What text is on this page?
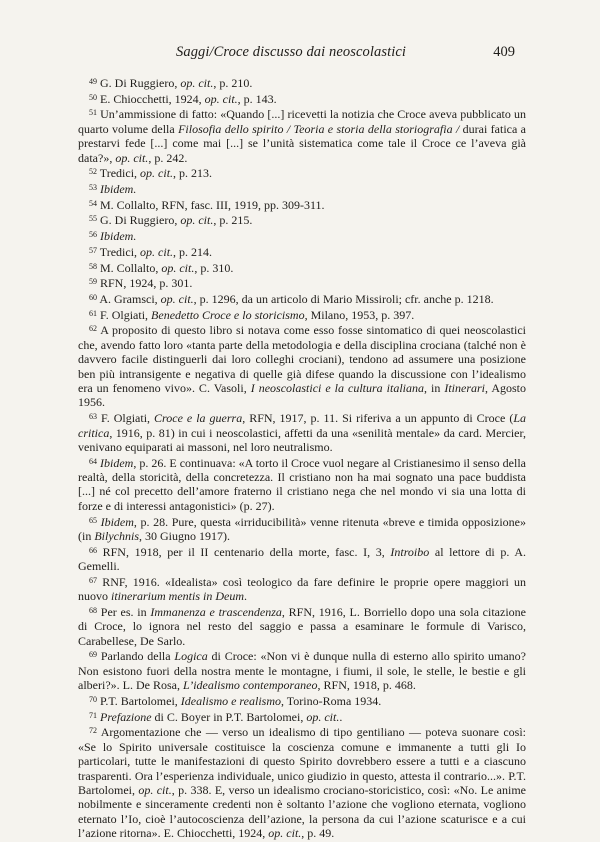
Saggi/Croce discusso dai neoscolastici	409

$^{49}$ G. Di Ruggiero, op. cit., p. 210.

$^{50}$ E. Chiocchetti, 1924, op. cit., p. 143.

$^{51}$ Un’ammissione di fatto: «Quando [...] ricevetti la notizia che Croce aveva pubblicato un quarto volume della Filosofia dello spirito / Teoria e storia della storiografia / durai fatica a prestarvi fede [...] come mai [...] se l’unità sistematica come tale il Croce ce l’aveva già data?», op. cit., p. 242.

$^{52}$ Tredici, op. cit., p. 213.

$^{53}$ Ibidem.

$^{54}$ M. Collalto, RFN, fasc. III, 1919, pp. 309-311.

$^{55}$ G. Di Ruggiero, op. cit., p. 215.

$^{56}$ Ibidem.

$^{57}$ Tredici, op. cit., p. 214.

$^{58}$ M. Collalto, op. cit., p. 310.

$^{59}$ RFN, 1924, p. 301.

$^{60}$ A. Gramsci, op. cit., p. 1296, da un articolo di Mario Missiroli; cfr. anche p. 1218.

$^{61}$ F. Olgiati, Benedetto Croce e lo storicismo, Milano, 1953, p. 397.

$^{62}$ A proposito di questo libro si notava come esso fosse sintomatico di quei neoscolastici che, avendo fatto loro «tanta parte della metodologia e della disciplina crociana (talché non è davvero facile distinguerli dai loro colleghi crociani), tendono ad assumere una posizione ben più intransigente e negativa di quelle già difese quando la discussione con l’idealismo era un fenomeno vivo». C. Vasoli, I neoscolastici e la cultura italiana, in Itinerari, Agosto 1956.

$^{63}$ F. Olgiati, Croce e la guerra, RFN, 1917, p. 11. Si riferiva a un appunto di Croce (La critica, 1916, p. 81) in cui i neoscolastici, affetti da una «senilità mentale» da card. Mercier, venivano equiparati ai massoni, nel loro neutralismo.

$^{64}$ Ibidem, p. 26. E continuava: «A torto il Croce vuol negare al Cristianesimo il senso della realtà, della storicità, della concretezza. Il cristiano non ha mai sognato una pace buddista [...] né col precetto dell’amore fraterno il cristiano nega che nel mondo vi sia una lotta di forze e di interessi antagonistici» (p. 27).

$^{65}$ Ibidem, p. 28. Pure, questa «irriducibilità» venne ritenuta «breve e timida opposizione» (in Bilychnis, 30 Giugno 1917).

$^{66}$ RFN, 1918, per il II centenario della morte, fasc. I, 3, Introibo al lettore di p. A. Gemelli.

$^{67}$ RNF, 1916. «Idealista» così teologico da fare definire le proprie opere maggiori un nuovo itinerarium mentis in Deum.

$^{68}$ Per es. in Immanenza e trascendenza, RFN, 1916, L. Borriello dopo una sola citazione di Croce, lo ignora nel resto del saggio e passa a esaminare le formule di Varisco, Carabellese, De Sarlo.

$^{69}$ Parlando della Logica di Croce: «Non vi è dunque nulla di esterno allo spirito umano? Non esistono fuori della nostra mente le montagne, i fiumi, il sole, le stelle, le bestie e gli alberi?». L. De Rosa, L’idealismo contemporaneo, RFN, 1918, p. 468.

$^{70}$ P.T. Bartolomei, Idealismo e realismo, Torino-Roma 1934.

$^{71}$ Prefazione di C. Boyer in P.T. Bartolomei, op. cit..

$^{72}$ Argomentazione che — verso un idealismo di tipo gentiliano — poteva suonare così: «Se lo Spirito universale costituisce la coscienza comune e immanente a tutti gli Io particolari, tutte le manifestazioni di questo Spirito dovrebbero essere a tutti e a ciascuno trasparenti. Ora l’esperienza individuale, unico giudizio in questo, attesta il contrario...». P.T. Bartolomei, op. cit., p. 338. E, verso un idealismo crociano-storicistico, così: «No. Le anime nobilmente e sinceramente credenti non è soltanto l’azione che vogliono eternata, vogliono eternato l’Io, cioè l’autocoscienza dell’azione, la persona da cui l’azione scaturisce e a cui l’azione ritorna». E. Chiocchetti, 1924, op. cit., p. 49.
